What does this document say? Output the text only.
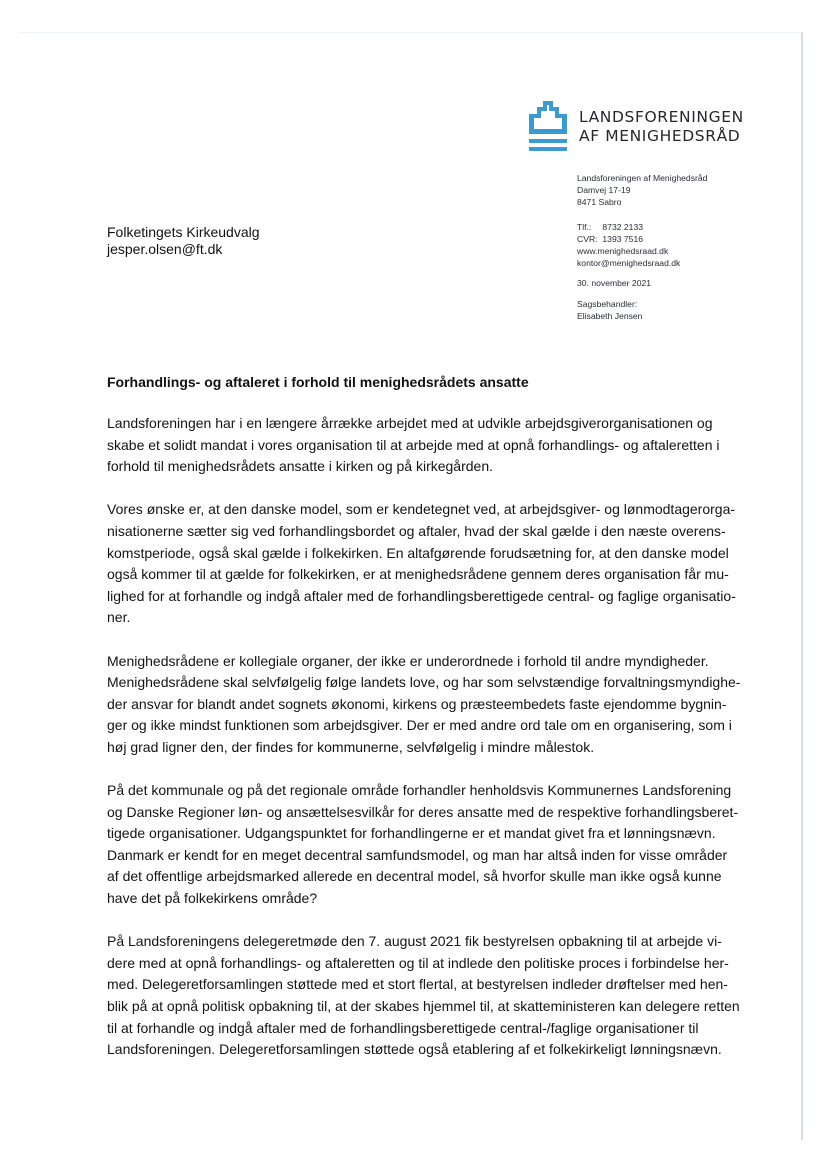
LANDSFORENINGEN
AF MENIGHEDSRÅD
Landsforeningen af Menighedsråd
Damvej 17-19
8471 Sabro
Tlf.: 8732 2133
CVR: 1393 7516
www.menighedsraad.dk
kontor@menighedsraad.dk
30. november 2021
Sagsbehandler:
Elisabeth Jensen
Folketingets Kirkeudvalg
jesper.olsen@ft.dk
Forhandlings- og aftaleret i forhold til menighedsrådets ansatte

Landsforeningen har i en længere årrække arbejdet med at udvikle arbejdsgiverorganisationen og
skabe et solidt mandat i vores organisation til at arbejde med at opnå forhandlings- og aftaleretten i
forhold til menighedsrådets ansatte i kirken og på kirkegården.

Vores ønske er, at den danske model, som er kendetegnet ved, at arbejdsgiver- og lønmodtagerorga-
nisationerne sætter sig ved forhandlingsbordet og aftaler, hvad der skal gælde i den næste overens-
komstperiode, også skal gælde i folkekirken. En altafgørende forudsætning for, at den danske model
også kommer til at gælde for folkekirken, er at menighedsrådene gennem deres organisation får mu-
lighed for at forhandle og indgå aftaler med de forhandlingsberettigede central- og faglige organisatio-
ner.

Menighedsrådene er kollegiale organer, der ikke er underordnede i forhold til andre myndigheder.
Menighedsrådene skal selvfølgelig følge landets love, og har som selvstændige forvaltningsmyndighe-
der ansvar for blandt andet sognets økonomi, kirkens og præsteembedets faste ejendomme bygnin-
ger og ikke mindst funktionen som arbejdsgiver. Der er med andre ord tale om en organisering, som i
høj grad ligner den, der findes for kommunerne, selvfølgelig i mindre målestok.

På det kommunale og på det regionale område forhandler henholdsvis Kommunernes Landsforening
og Danske Regioner løn- og ansættelsesvilkår for deres ansatte med de respektive forhandlingsberet-
tigede organisationer. Udgangspunktet for forhandlingerne er et mandat givet fra et lønningsnævn.
Danmark er kendt for en meget decentral samfundsmodel, og man har altså inden for visse områder
af det offentlige arbejdsmarked allerede en decentral model, så hvorfor skulle man ikke også kunne
have det på folkekirkens område?

På Landsforeningens delegeretmøde den 7. august 2021 fik bestyrelsen opbakning til at arbejde vi-
dere med at opnå forhandlings- og aftaleretten og til at indlede den politiske proces i forbindelse her-
med. Delegeretforsamlingen støttede med et stort flertal, at bestyrelsen indleder drøftelser med hen-
blik på at opnå politisk opbakning til, at der skabes hjemmel til, at skatteministeren kan delegere retten
til at forhandle og indgå aftaler med de forhandlingsberettigede central-/faglige organisationer til
Landsforeningen. Delegeretforsamlingen støttede også etablering af et folkekirkeligt lønningsnævn.
